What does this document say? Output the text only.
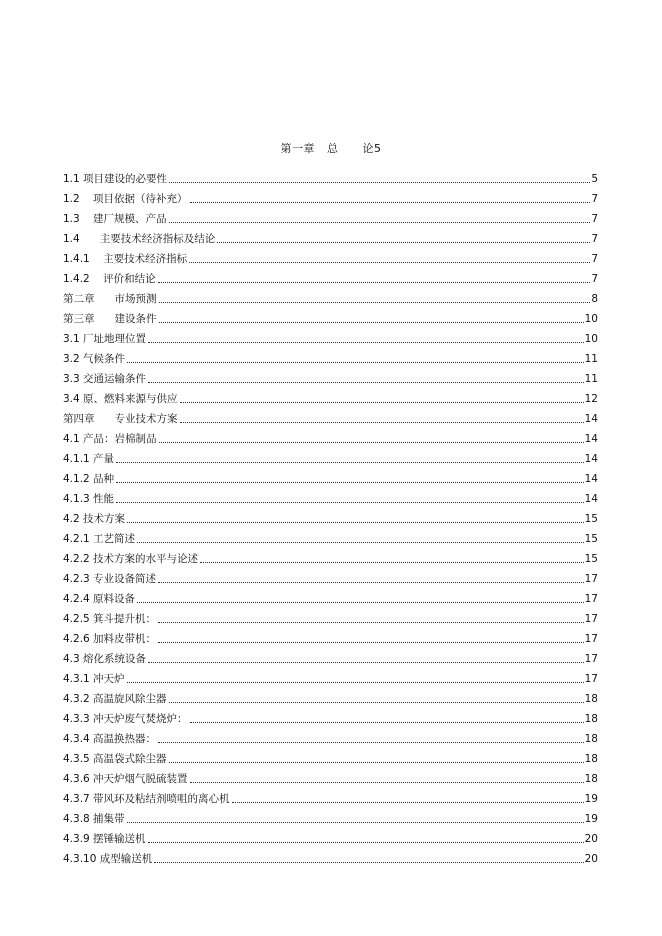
第一章   总      论5
1.1 项目建设的必要性	5
1.2    项目依据（待补充）	7
1.3    建厂规模、产品	7
1.4      主要技术经济指标及结论	7
1.4.1    主要技术经济指标	7
1.4.2    评价和结论	7
第二章      市场预测	8
第三章      建设条件	10
3.1 厂址地理位置	10
3.2 气候条件	11
3.3 交通运输条件	11
3.4 原、燃料来源与供应	12
第四章      专业技术方案	14
4.1 产品：岩棉制品	14
4.1.1 产量	14
4.1.2 品种	14
4.1.3 性能	14
4.2 技术方案	15
4.2.1 工艺简述	15
4.2.2 技术方案的水平与论述	15
4.2.3 专业设备简述	17
4.2.4 原料设备	17
4.2.5 箕斗提升机：	17
4.2.6 加料皮带机：	17
4.3 熔化系统设备	17
4.3.1 冲天炉	17
4.3.2 高温旋风除尘器	18
4.3.3 冲天炉废气焚烧炉：	18
4.3.4 高温换热器：	18
4.3.5 高温袋式除尘器	18
4.3.6 冲天炉烟气脱硫装置	18
4.3.7 带风环及粘结剂喷咀的离心机	19
4.3.8 捕集带	19
4.3.9 摆锤输送机	20
4.3.10 成型输送机	20
